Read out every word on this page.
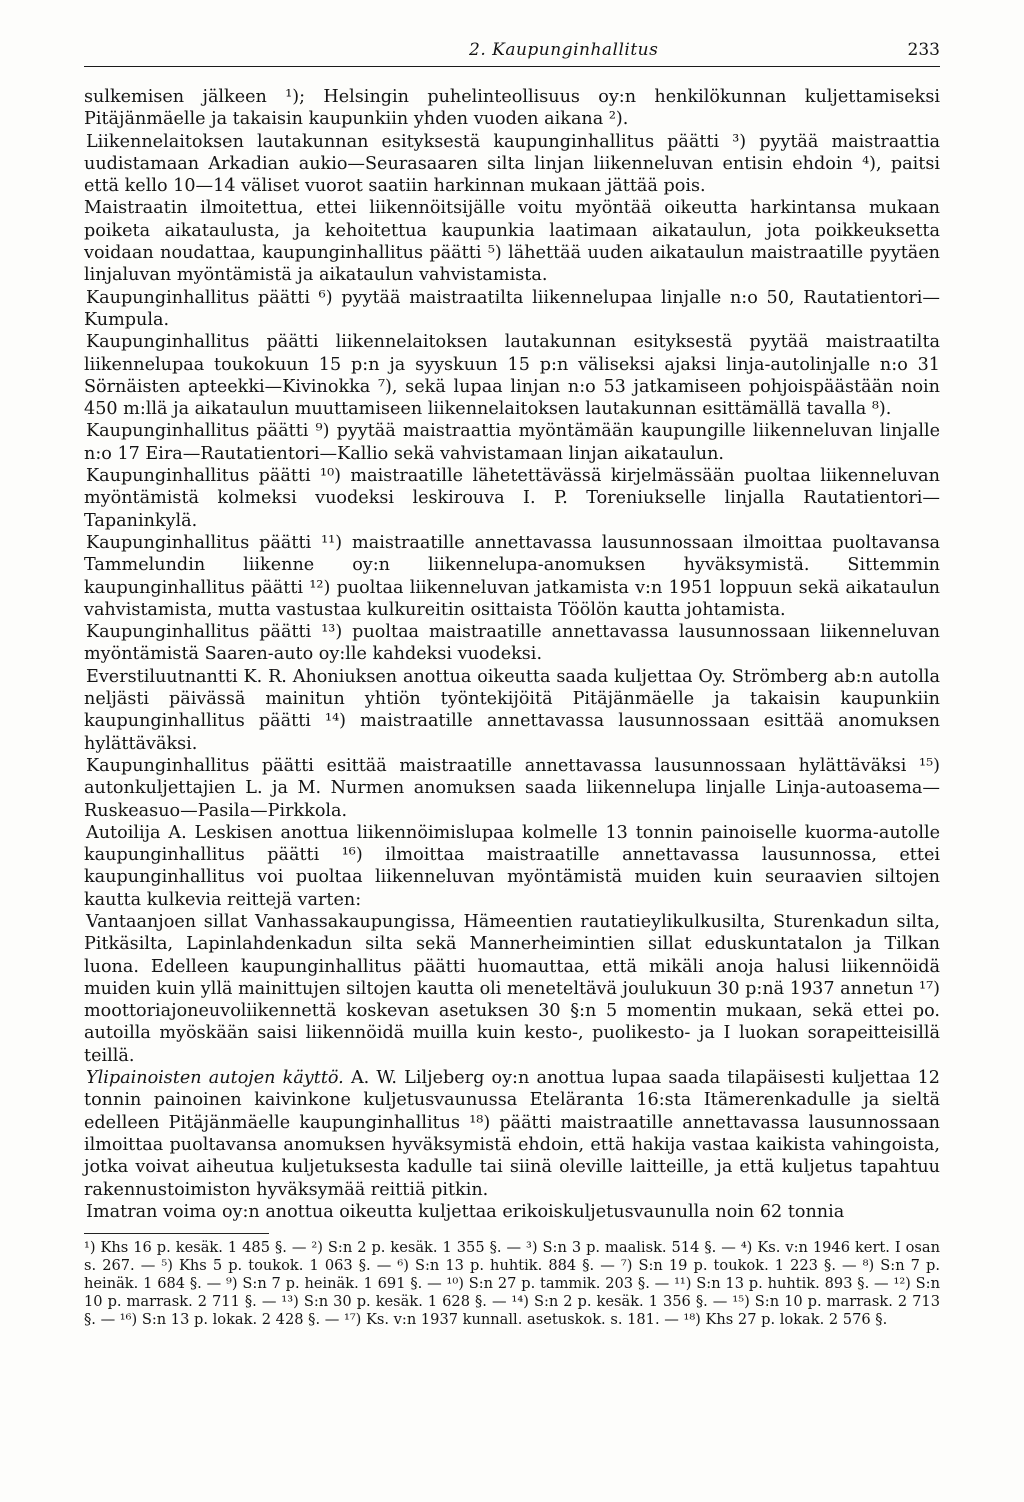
2. Kaupunginhallitus	233

sulkemisen jälkeen ¹); Helsingin puhelinteollisuus oy:n henkilökunnan kuljettamiseksi Pitäjänmäelle ja takaisin kaupunkiin yhden vuoden aikana ²).

Liikennelaitoksen lautakunnan esityksestä kaupunginhallitus päätti ³) pyytää maistraattia uudistamaan Arkadian aukio—Seurasaaren silta linjan liikenneluvan entisin ehdoin ⁴), paitsi että kello 10—14 väliset vuorot saatiin harkinnan mukaan jättää pois.

Maistraatin ilmoitettua, ettei liikennöitsijälle voitu myöntää oikeutta harkintansa mukaan poiketa aikataulusta, ja kehoitettua kaupunkia laatimaan aikataulun, jota poikkeuksetta voidaan noudattaa, kaupunginhallitus päätti ⁵) lähettää uuden aikataulun maistraatille pyytäen linjaluvan myöntämistä ja aikataulun vahvistamista.

Kaupunginhallitus päätti ⁶) pyytää maistraatilta liikennelupaa linjalle n:o 50, Rautatientori—Kumpula.

Kaupunginhallitus päätti liikennelaitoksen lautakunnan esityksestä pyytää maistraatilta liikennelupaa toukokuun 15 p:n ja syyskuun 15 p:n väliseksi ajaksi linja-autolinjalle n:o 31 Sörnäisten apteekki—Kivinokka ⁷), sekä lupaa linjan n:o 53 jatkamiseen pohjoispäästään noin 450 m:llä ja aikataulun muuttamiseen liikennelaitoksen lautakunnan esittämällä tavalla ⁸).

Kaupunginhallitus päätti ⁹) pyytää maistraattia myöntämään kaupungille liikenneluvan linjalle n:o 17 Eira—Rautatientori—Kallio sekä vahvistamaan linjan aikataulun.

Kaupunginhallitus päätti ¹⁰) maistraatille lähetettävässä kirjelmässään puoltaa liikenneluvan myöntämistä kolmeksi vuodeksi leskirouva I. P. Toreniukselle linjalla Rautatientori—Tapaninkylä.

Kaupunginhallitus päätti ¹¹) maistraatille annettavassa lausunnossaan ilmoittaa puoltavansa Tammelundin liikenne oy:n liikennelupa-anomuksen hyväksymistä. Sittemmin kaupunginhallitus päätti ¹²) puoltaa liikenneluvan jatkamista v:n 1951 loppuun sekä aikataulun vahvistamista, mutta vastustaa kulkureitin osittaista Töölön kautta johtamista.

Kaupunginhallitus päätti ¹³) puoltaa maistraatille annettavassa lausunnossaan liikenneluvan myöntämistä Saaren-auto oy:lle kahdeksi vuodeksi.

Everstiluutnantti K. R. Ahoniuksen anottua oikeutta saada kuljettaa Oy. Strömberg ab:n autolla neljästi päivässä mainitun yhtiön työntekijöitä Pitäjänmäelle ja takaisin kaupunkiin kaupunginhallitus päätti ¹⁴) maistraatille annettavassa lausunnossaan esittää anomuksen hylättäväksi.

Kaupunginhallitus päätti esittää maistraatille annettavassa lausunnossaan hylättäväksi ¹⁵) autonkuljettajien L. ja M. Nurmen anomuksen saada liikennelupa linjalle Linja-autoasema—Ruskeasuo—Pasila—Pirkkola.

Autoilija A. Leskisen anottua liikennöimislupaa kolmelle 13 tonnin painoiselle kuorma-autolle kaupunginhallitus päätti ¹⁶) ilmoittaa maistraatille annettavassa lausunnossa, ettei kaupunginhallitus voi puoltaa liikenneluvan myöntämistä muiden kuin seuraavien siltojen kautta kulkevia reittejä varten:

Vantaanjoen sillat Vanhassakaupungissa, Hämeentien rautatieylikulkusilta, Sturenkadun silta, Pitkäsilta, Lapinlahdenkadun silta sekä Mannerheimintien sillat eduskuntatalon ja Tilkan luona. Edelleen kaupunginhallitus päätti huomauttaa, että mikäli anoja halusi liikennöidä muiden kuin yllä mainittujen siltojen kautta oli meneteltävä joulukuun 30 p:nä 1937 annetun ¹⁷) moottoriajoneuvoliikennettä koskevan asetuksen 30 §:n 5 momentin mukaan, sekä ettei po. autoilla myöskään saisi liikennöidä muilla kuin kesto-, puolikesto- ja I luokan sorapeitteisillä teillä.

Ylipainoisten autojen käyttö. A. W. Liljeberg oy:n anottua lupaa saada tilapäisesti kuljettaa 12 tonnin painoinen kaivinkone kuljetusvaunussa Eteläranta 16:sta Itämerenkadulle ja sieltä edelleen Pitäjänmäelle kaupunginhallitus ¹⁸) päätti maistraatille annettavassa lausunnossaan ilmoittaa puoltavansa anomuksen hyväksymistä ehdoin, että hakija vastaa kaikista vahingoista, jotka voivat aiheutua kuljetuksesta kadulle tai siinä oleville laitteille, ja että kuljetus tapahtuu rakennustoimiston hyväksymää reittiä pitkin.

Imatran voima oy:n anottua oikeutta kuljettaa erikoiskuljetusvaunulla noin 62 tonnia

¹) Khs 16 p. kesäk. 1 485 §. — ²) S:n 2 p. kesäk. 1 355 §. — ³) S:n 3 p. maalisk. 514 §. — ⁴) Ks. v:n 1946 kert. I osan s. 267. — ⁵) Khs 5 p. toukok. 1 063 §. — ⁶) S:n 13 p. huhtik. 884 §. — ⁷) S:n 19 p. toukok. 1 223 §. — ⁸) S:n 7 p. heinäk. 1 684 §. — ⁹) S:n 7 p. heinäk. 1 691 §. — ¹⁰) S:n 27 p. tammik. 203 §. — ¹¹) S:n 13 p. huhtik. 893 §. — ¹²) S:n 10 p. marrask. 2 711 §. — ¹³) S:n 30 p. kesäk. 1 628 §. — ¹⁴) S:n 2 p. kesäk. 1 356 §. — ¹⁵) S:n 10 p. marrask. 2 713 §. — ¹⁶) S:n 13 p. lokak. 2 428 §. — ¹⁷) Ks. v:n 1937 kunnall. asetuskok. s. 181. — ¹⁸) Khs 27 p. lokak. 2 576 §.
